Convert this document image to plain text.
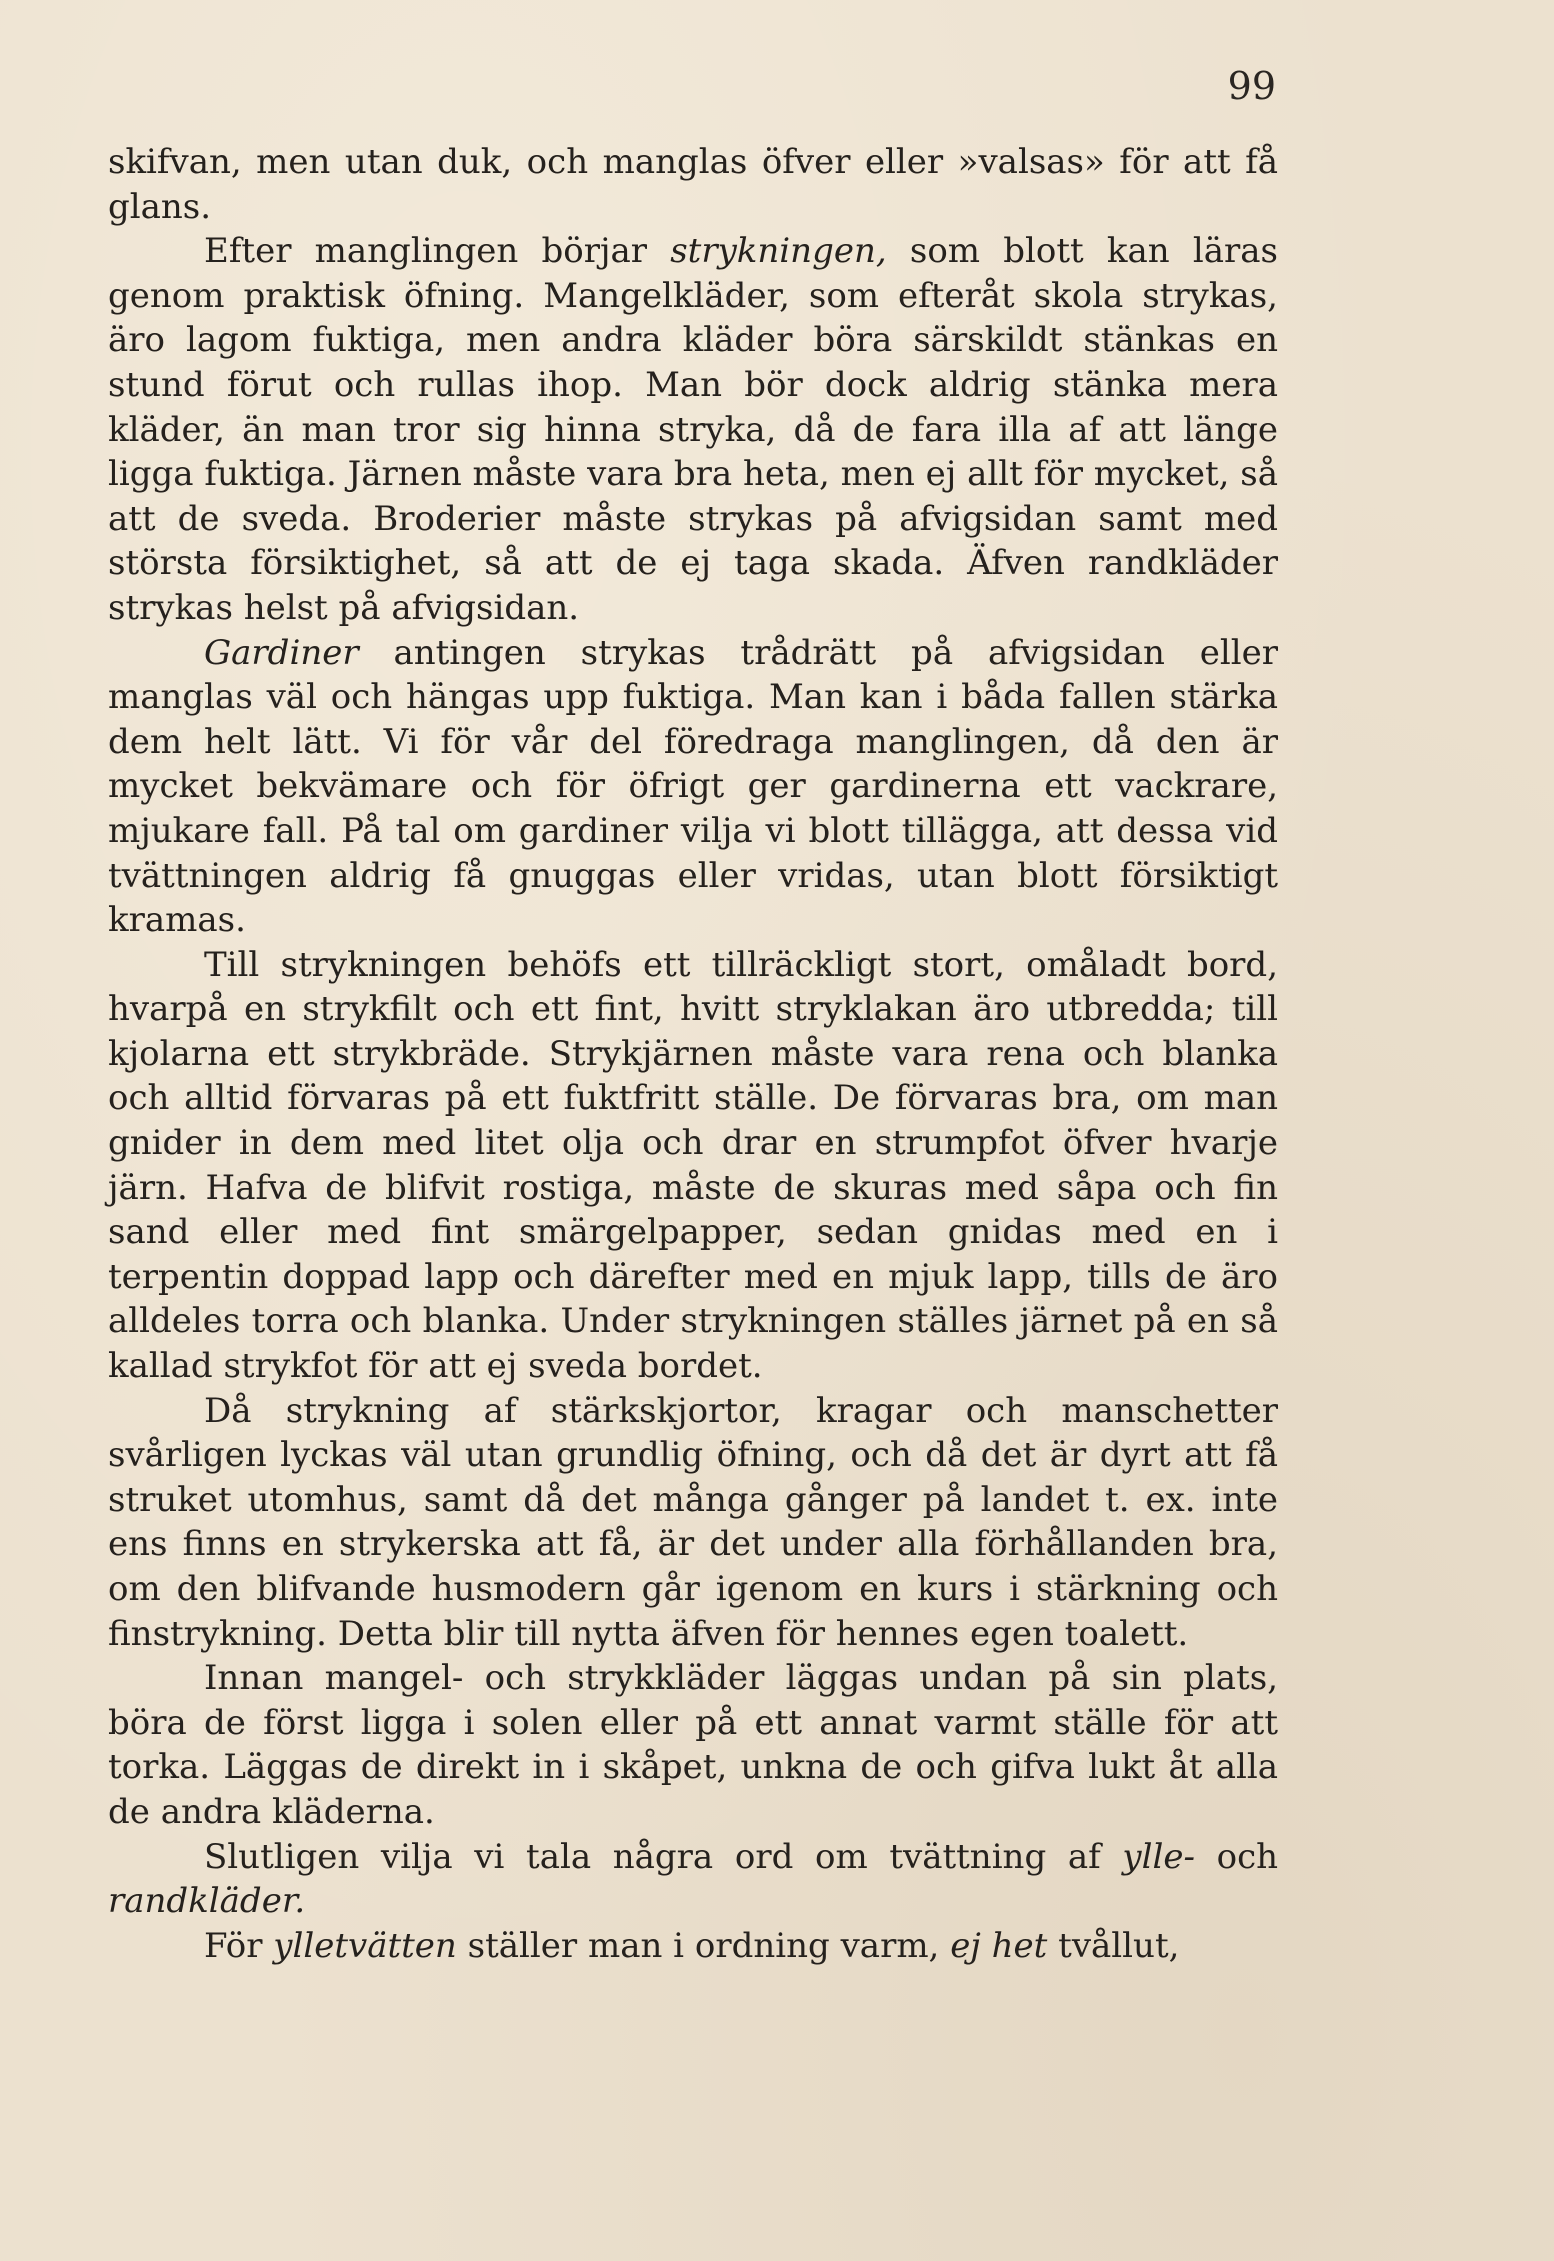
99

skifvan, men utan duk, och manglas öfver eller »valsas» för att få glans.

Efter manglingen börjar strykningen, som blott kan läras genom praktisk öfning. Mangelkläder, som efteråt skola strykas, äro lagom fuktiga, men andra kläder böra särskildt stänkas en stund förut och rullas ihop. Man bör dock aldrig stänka mera kläder, än man tror sig hinna stryka, då de fara illa af att länge ligga fuktiga. Järnen måste vara bra heta, men ej allt för mycket, så att de sveda. Broderier måste strykas på afvigsidan samt med största försiktighet, så att de ej taga skada. Äfven randkläder strykas helst på afvigsidan.

Gardiner antingen strykas trådrätt på afvigsidan eller manglas väl och hängas upp fuktiga. Man kan i båda fallen stärka dem helt lätt. Vi för vår del föredraga manglingen, då den är mycket bekvämare och för öfrigt ger gardinerna ett vackrare, mjukare fall. På tal om gardiner vilja vi blott tillägga, att dessa vid tvättningen aldrig få gnuggas eller vridas, utan blott försiktigt kramas.

Till strykningen behöfs ett tillräckligt stort, omåladt bord, hvarpå en strykfilt och ett fint, hvitt stryklakan äro utbredda; till kjolarna ett strykbräde. Strykjärnen måste vara rena och blanka och alltid förvaras på ett fuktfritt ställe. De förvaras bra, om man gnider in dem med litet olja och drar en strumpfot öfver hvarje järn. Hafva de blifvit rostiga, måste de skuras med såpa och fin sand eller med fint smärgelpapper, sedan gnidas med en i terpentin doppad lapp och därefter med en mjuk lapp, tills de äro alldeles torra och blanka. Under strykningen ställes järnet på en så kallad strykfot för att ej sveda bordet.

Då strykning af stärkskjortor, kragar och manschetter svårligen lyckas väl utan grundlig öfning, och då det är dyrt att få struket utomhus, samt då det många gånger på landet t. ex. inte ens finns en strykerska att få, är det under alla förhållanden bra, om den blifvande husmodern går igenom en kurs i stärkning och finstrykning. Detta blir till nytta äfven för hennes egen toalett.

Innan mangel- och strykkläder läggas undan på sin plats, böra de först ligga i solen eller på ett annat varmt ställe för att torka. Läggas de direkt in i skåpet, unkna de och gifva lukt åt alla de andra kläderna.

Slutligen vilja vi tala några ord om tvättning af ylle- och randkläder.

För ylletvätten ställer man i ordning varm, ej het tvållut,
